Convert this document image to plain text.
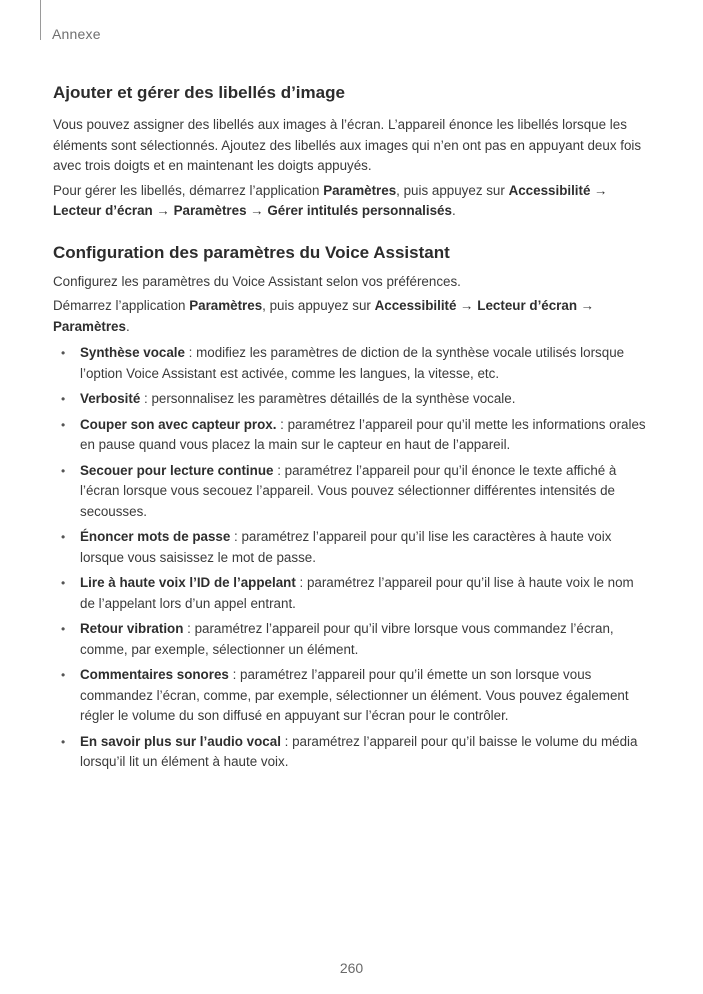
Annexe
Ajouter et gérer des libellés d’image

Vous pouvez assigner des libellés aux images à l’écran. L’appareil énonce les libellés lorsque les éléments sont sélectionnés. Ajoutez des libellés aux images qui n’en ont pas en appuyant deux fois avec trois doigts et en maintenant les doigts appuyés.

Pour gérer les libellés, démarrez l’application Paramètres, puis appuyez sur Accessibilité → Lecteur d’écran → Paramètres → Gérer intitulés personnalisés.

Configuration des paramètres du Voice Assistant

Configurez les paramètres du Voice Assistant selon vos préférences.

Démarrez l’application Paramètres, puis appuyez sur Accessibilité → Lecteur d’écran →
Paramètres.

• Synthèse vocale : modifiez les paramètres de diction de la synthèse vocale utilisés lorsque l’option Voice Assistant est activée, comme les langues, la vitesse, etc.
• Verbosité : personnalisez les paramètres détaillés de la synthèse vocale.
• Couper son avec capteur prox. : paramétrez l’appareil pour qu’il mette les informations orales en pause quand vous placez la main sur le capteur en haut de l’appareil.
• Secouer pour lecture continue : paramétrez l’appareil pour qu’il énonce le texte affiché à l’écran lorsque vous secouez l’appareil. Vous pouvez sélectionner différentes intensités de secousses.
• Énoncer mots de passe : paramétrez l’appareil pour qu’il lise les caractères à haute voix lorsque vous saisissez le mot de passe.
• Lire à haute voix l’ID de l’appelant : paramétrez l’appareil pour qu’il lise à haute voix le nom de l’appelant lors d’un appel entrant.
• Retour vibration : paramétrez l’appareil pour qu’il vibre lorsque vous commandez l’écran, comme, par exemple, sélectionner un élément.
• Commentaires sonores : paramétrez l’appareil pour qu’il émette un son lorsque vous commandez l’écran, comme, par exemple, sélectionner un élément. Vous pouvez également régler le volume du son diffusé en appuyant sur l’écran pour le contrôler.
• En savoir plus sur l’audio vocal : paramétrez l’appareil pour qu’il baisse le volume du média lorsqu’il lit un élément à haute voix.
260
